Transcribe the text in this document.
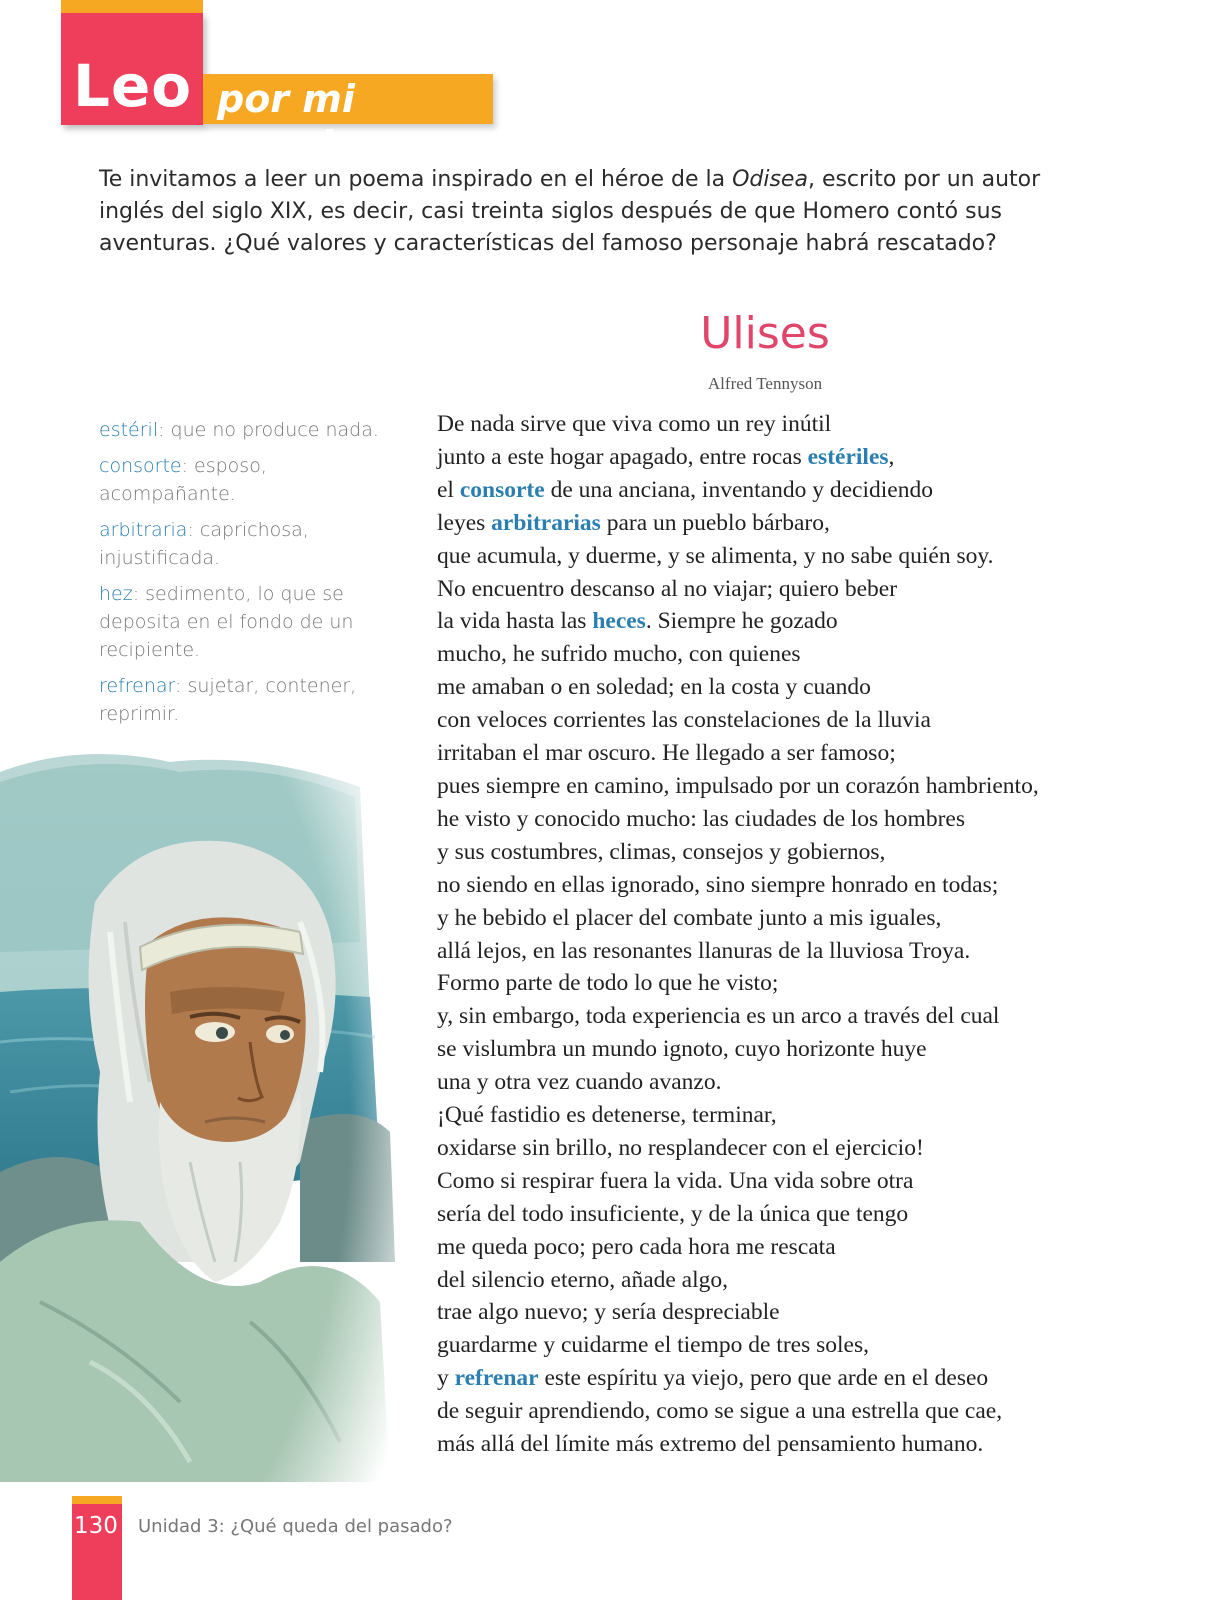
Leo por mi cuenta

Te invitamos a leer un poema inspirado en el héroe de la Odisea, escrito por un autor inglés del siglo XIX, es decir, casi treinta siglos después de que Homero contó sus aventuras. ¿Qué valores y características del famoso personaje habrá rescatado?

Ulises
Alfred Tennyson

estéril: que no produce nada.

consorte: esposo, acompañante.

arbitraria: caprichosa, injustificada.

hez: sedimento, lo que se deposita en el fondo de un recipiente.

refrenar: sujetar, contener, reprimir.

De nada sirve que viva como un rey inútil
junto a este hogar apagado, entre rocas estériles,
el consorte de una anciana, inventando y decidiendo
leyes arbitrarias para un pueblo bárbaro,
que acumula, y duerme, y se alimenta, y no sabe quién soy.
No encuentro descanso al no viajar; quiero beber
la vida hasta las heces. Siempre he gozado
mucho, he sufrido mucho, con quienes
me amaban o en soledad; en la costa y cuando
con veloces corrientes las constelaciones de la lluvia
irritaban el mar oscuro. He llegado a ser famoso;
pues siempre en camino, impulsado por un corazón hambriento,
he visto y conocido mucho: las ciudades de los hombres
y sus costumbres, climas, consejos y gobiernos,
no siendo en ellas ignorado, sino siempre honrado en todas;
y he bebido el placer del combate junto a mis iguales,
allá lejos, en las resonantes llanuras de la lluviosa Troya.
Formo parte de todo lo que he visto;
y, sin embargo, toda experiencia es un arco a través del cual
se vislumbra un mundo ignoto, cuyo horizonte huye
una y otra vez cuando avanzo.
¡Qué fastidio es detenerse, terminar,
oxidarse sin brillo, no resplandecer con el ejercicio!
Como si respirar fuera la vida. Una vida sobre otra
sería del todo insuficiente, y de la única que tengo
me queda poco; pero cada hora me rescata
del silencio eterno, añade algo,
trae algo nuevo; y sería despreciable
guardarme y cuidarme el tiempo de tres soles,
y refrenar este espíritu ya viejo, pero que arde en el deseo
de seguir aprendiendo, como se sigue a una estrella que cae,
más allá del límite más extremo del pensamiento humano.
130 Unidad 3: ¿Qué queda del pasado?
